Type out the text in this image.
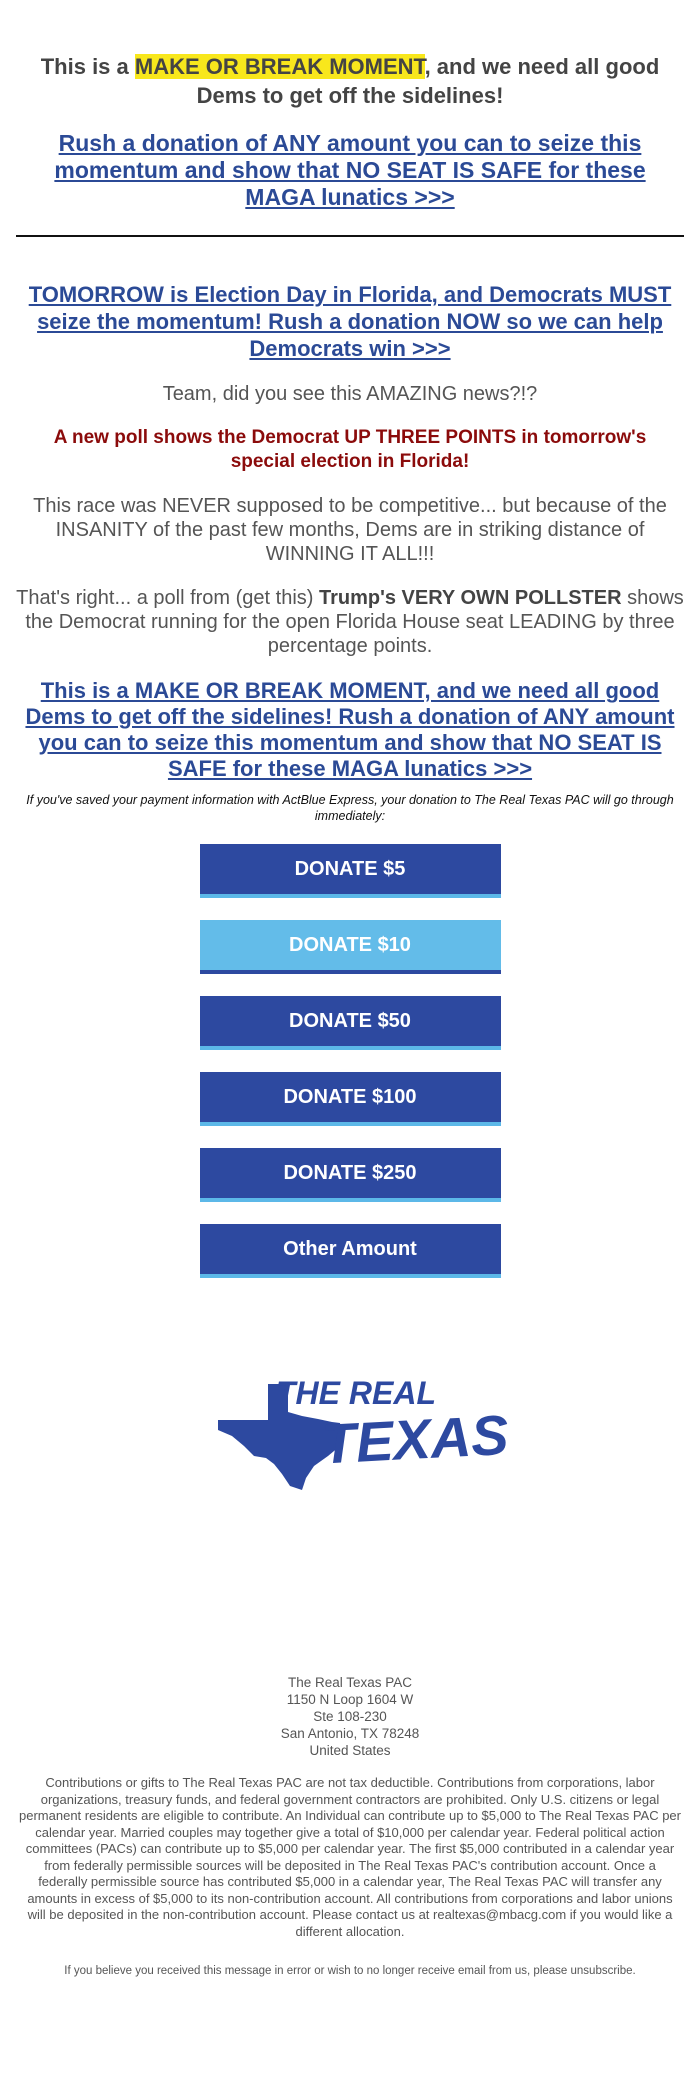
This is a MAKE OR BREAK MOMENT, and we need all good Dems to get off the sidelines!
Rush a donation of ANY amount you can to seize this momentum and show that NO SEAT IS SAFE for these MAGA lunatics >>>
TOMORROW is Election Day in Florida, and Democrats MUST seize the momentum! Rush a donation NOW so we can help Democrats win >>>
Team, did you see this AMAZING news?!?
A new poll shows the Democrat UP THREE POINTS in tomorrow's special election in Florida!
This race was NEVER supposed to be competitive... but because of the INSANITY of the past few months, Dems are in striking distance of WINNING IT ALL!!!
That's right... a poll from (get this) Trump's VERY OWN POLLSTER shows the Democrat running for the open Florida House seat LEADING by three percentage points.
This is a MAKE OR BREAK MOMENT, and we need all good Dems to get off the sidelines! Rush a donation of ANY amount you can to seize this momentum and show that NO SEAT IS SAFE for these MAGA lunatics >>>
If you've saved your payment information with ActBlue Express, your donation to The Real Texas PAC will go through immediately:
DONATE $5
DONATE $10
DONATE $50
DONATE $100
DONATE $250
Other Amount
THE REAL
TEXAS
The Real Texas PAC
1150 N Loop 1604 W
Ste 108-230
San Antonio, TX 78248
United States
Contributions or gifts to The Real Texas PAC are not tax deductible. Contributions from corporations, labor organizations, treasury funds, and federal government contractors are prohibited. Only U.S. citizens or legal permanent residents are eligible to contribute. An Individual can contribute up to $5,000 to The Real Texas PAC per calendar year. Married couples may together give a total of $10,000 per calendar year. Federal political action committees (PACs) can contribute up to $5,000 per calendar year. The first $5,000 contributed in a calendar year from federally permissible sources will be deposited in The Real Texas PAC's contribution account. Once a federally permissible source has contributed $5,000 in a calendar year, The Real Texas PAC will transfer any amounts in excess of $5,000 to its non-contribution account. All contributions from corporations and labor unions will be deposited in the non-contribution account. Please contact us at realtexas@mbacg.com if you would like a different allocation.
If you believe you received this message in error or wish to no longer receive email from us, please unsubscribe.
